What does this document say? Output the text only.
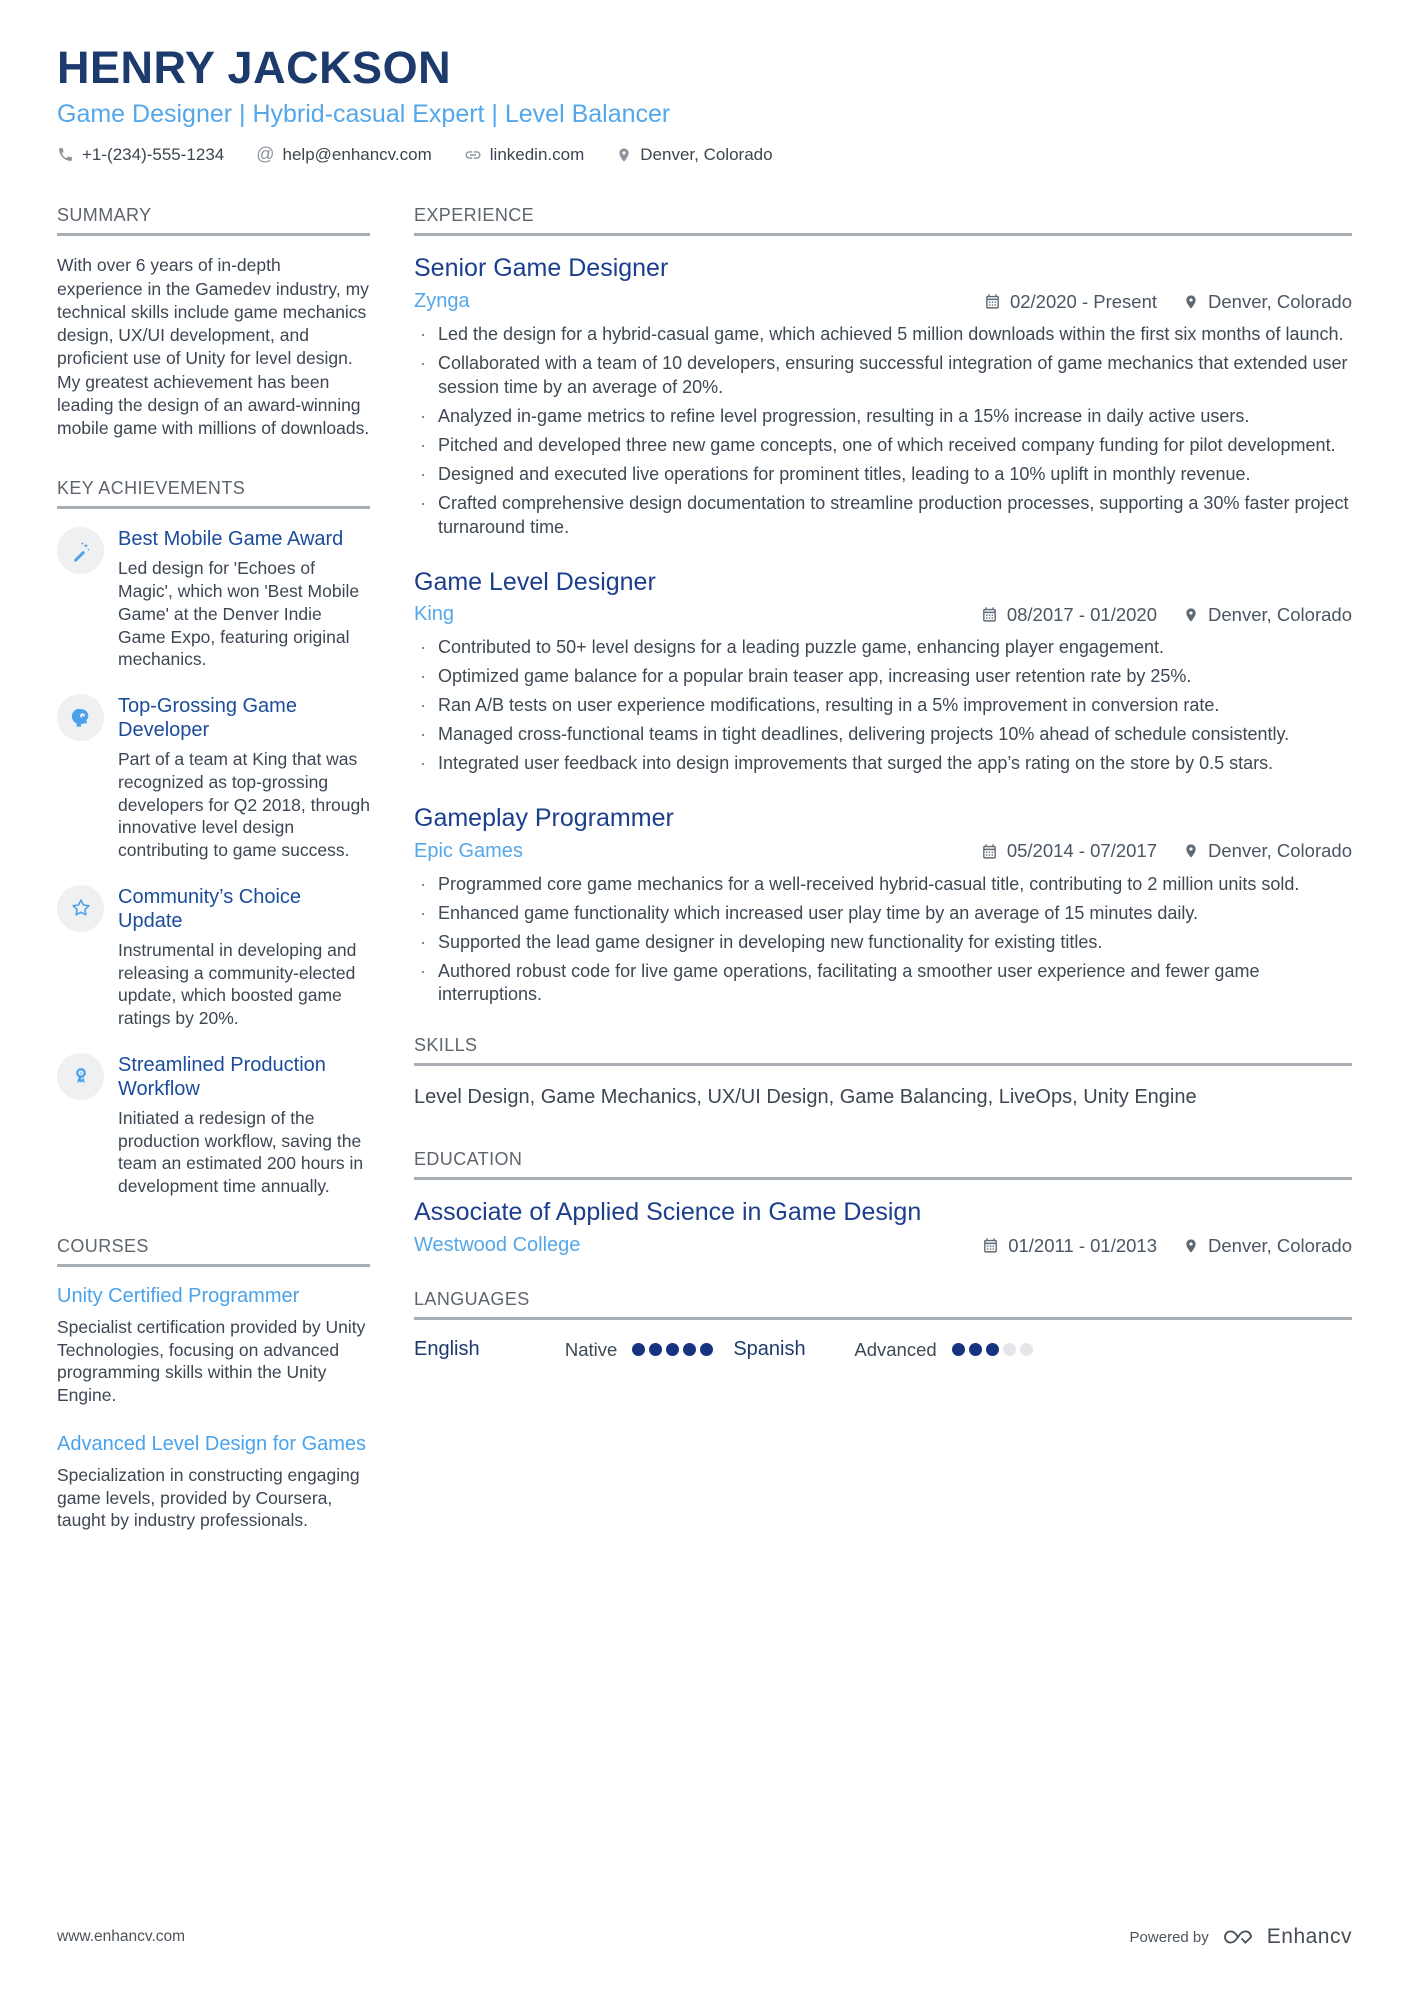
HENRY JACKSON
Game Designer | Hybrid-casual Expert | Level Balancer
+1-(234)-555-1234 @	help@enhancv.com	linkedin.com	Denver, Colorado
SUMMARY
With over 6 years of in-depth experience in the Gamedev industry, my technical skills include game mechanics design, UX/UI development, and proficient use of Unity for level design. My greatest achievement has been leading the design of an award-winning mobile game with millions of downloads.
KEY ACHIEVEMENTS
Best Mobile Game Award
Led design for 'Echoes of Magic', which won 'Best Mobile Game' at the Denver Indie Game Expo, featuring original mechanics.
Top-Grossing Game Developer
Part of a team at King that was recognized as top-grossing developers for Q2 2018, through innovative level design contributing to game success.
Community’s Choice Update
Instrumental in developing and releasing a community-elected update, which boosted game ratings by 20%.
Streamlined Production Workflow
Initiated a redesign of the production workflow, saving the team an estimated 200 hours in development time annually.
COURSES
Unity Certified Programmer
Specialist certification provided by Unity Technologies, focusing on advanced programming skills within the Unity Engine.
Advanced Level Design for Games
Specialization in constructing engaging game levels, provided by Coursera, taught by industry professionals.
EXPERIENCE
Senior Game Designer
Zynga	02/2020 - Present	Denver, Colorado
· Led the design for a hybrid-casual game, which achieved 5 million downloads within the first six months of launch.
· Collaborated with a team of 10 developers, ensuring successful integration of game mechanics that extended user session time by an average of 20%.
· Analyzed in-game metrics to refine level progression, resulting in a 15% increase in daily active users.
· Pitched and developed three new game concepts, one of which received company funding for pilot development.
· Designed and executed live operations for prominent titles, leading to a 10% uplift in monthly revenue.
· Crafted comprehensive design documentation to streamline production processes, supporting a 30% faster project turnaround time.
Game Level Designer
King	08/2017 - 01/2020	Denver, Colorado
· Contributed to 50+ level designs for a leading puzzle game, enhancing player engagement.
· Optimized game balance for a popular brain teaser app, increasing user retention rate by 25%.
· Ran A/B tests on user experience modifications, resulting in a 5% improvement in conversion rate.
· Managed cross-functional teams in tight deadlines, delivering projects 10% ahead of schedule consistently.
· Integrated user feedback into design improvements that surged the app’s rating on the store by 0.5 stars.
Gameplay Programmer
Epic Games	05/2014 - 07/2017	Denver, Colorado
· Programmed core game mechanics for a well-received hybrid-casual title, contributing to 2 million units sold.
· Enhanced game functionality which increased user play time by an average of 15 minutes daily.
· Supported the lead game designer in developing new functionality for existing titles.
· Authored robust code for live game operations, facilitating a smoother user experience and fewer game interruptions.
SKILLS
Level Design, Game Mechanics, UX/UI Design, Game Balancing, LiveOps, Unity Engine
EDUCATION
Associate of Applied Science in Game Design
Westwood College	01/2011 - 01/2013	Denver, Colorado
LANGUAGES
English	Native	Spanish	Advanced
www.enhancv.com	Powered by	Enhancv
